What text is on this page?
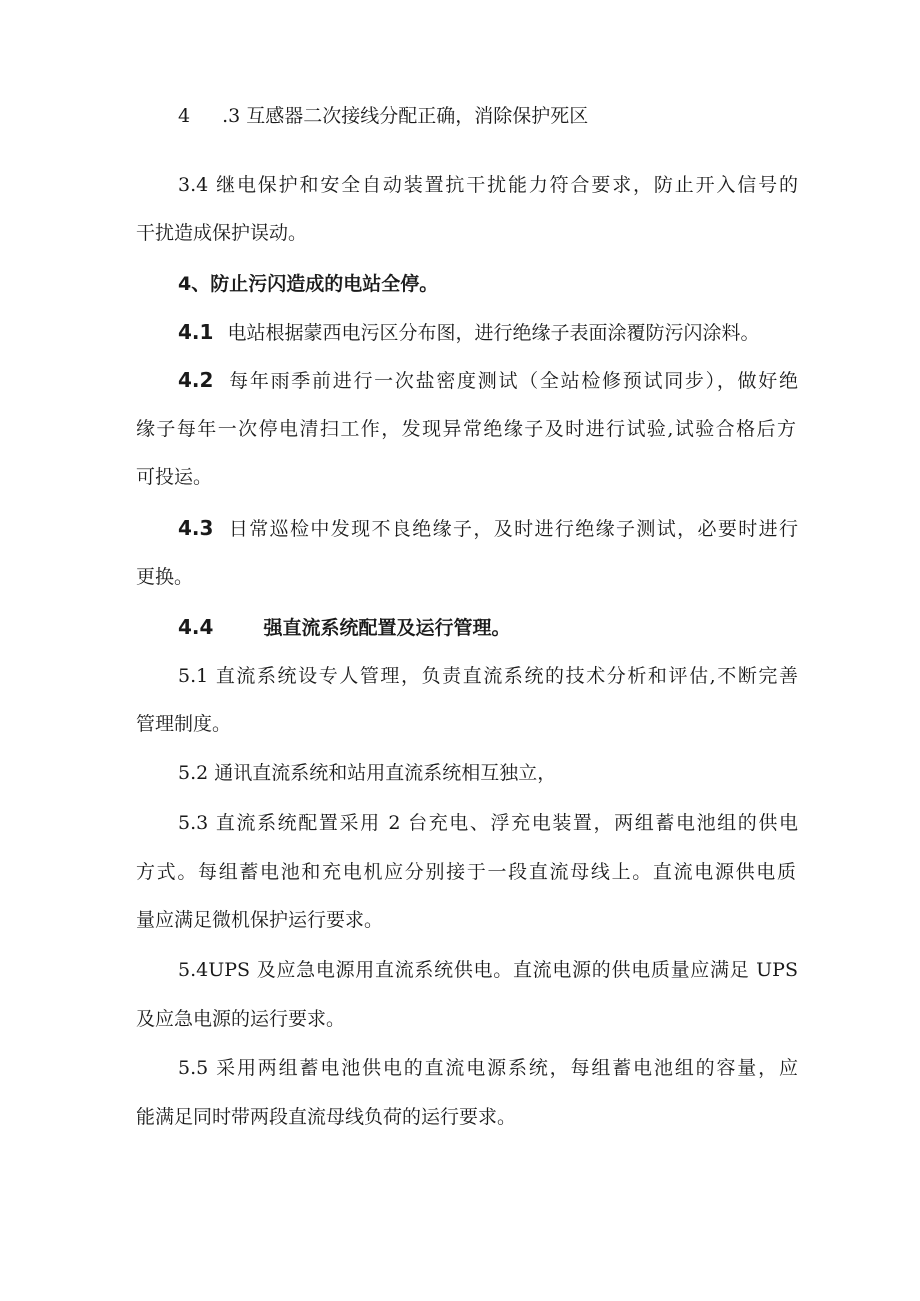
4 .3 互感器二次接线分配正确，消除保护死区
3.4 继电保护和安全自动装置抗干扰能力符合要求，防止开入信号的
干扰造成保护误动。
4、防止污闪造成的电站全停。
4.1 电站根据蒙西电污区分布图，进行绝缘子表面涂覆防污闪涂料。
4.2 每年雨季前进行一次盐密度测试（全站检修预试同步），做好绝
缘子每年一次停电清扫工作，发现异常绝缘子及时进行试验,试验合格后方
可投运。
4.3 日常巡检中发现不良绝缘子，及时进行绝缘子测试，必要时进行
更换。
4.4	强直流系统配置及运行管理。
5.1 直流系统设专人管理，负责直流系统的技术分析和评估,不断完善
管理制度。
5.2 通讯直流系统和站用直流系统相互独立，
5.3 直流系统配置采用 2 台充电、浮充电装置，两组蓄电池组的供电
方式。每组蓄电池和充电机应分别接于一段直流母线上。直流电源供电质
量应满足微机保护运行要求。
5.4UPS 及应急电源用直流系统供电。直流电源的供电质量应满足 UPS
及应急电源的运行要求。
5.5 采用两组蓄电池供电的直流电源系统，每组蓄电池组的容量，应
能满足同时带两段直流母线负荷的运行要求。
